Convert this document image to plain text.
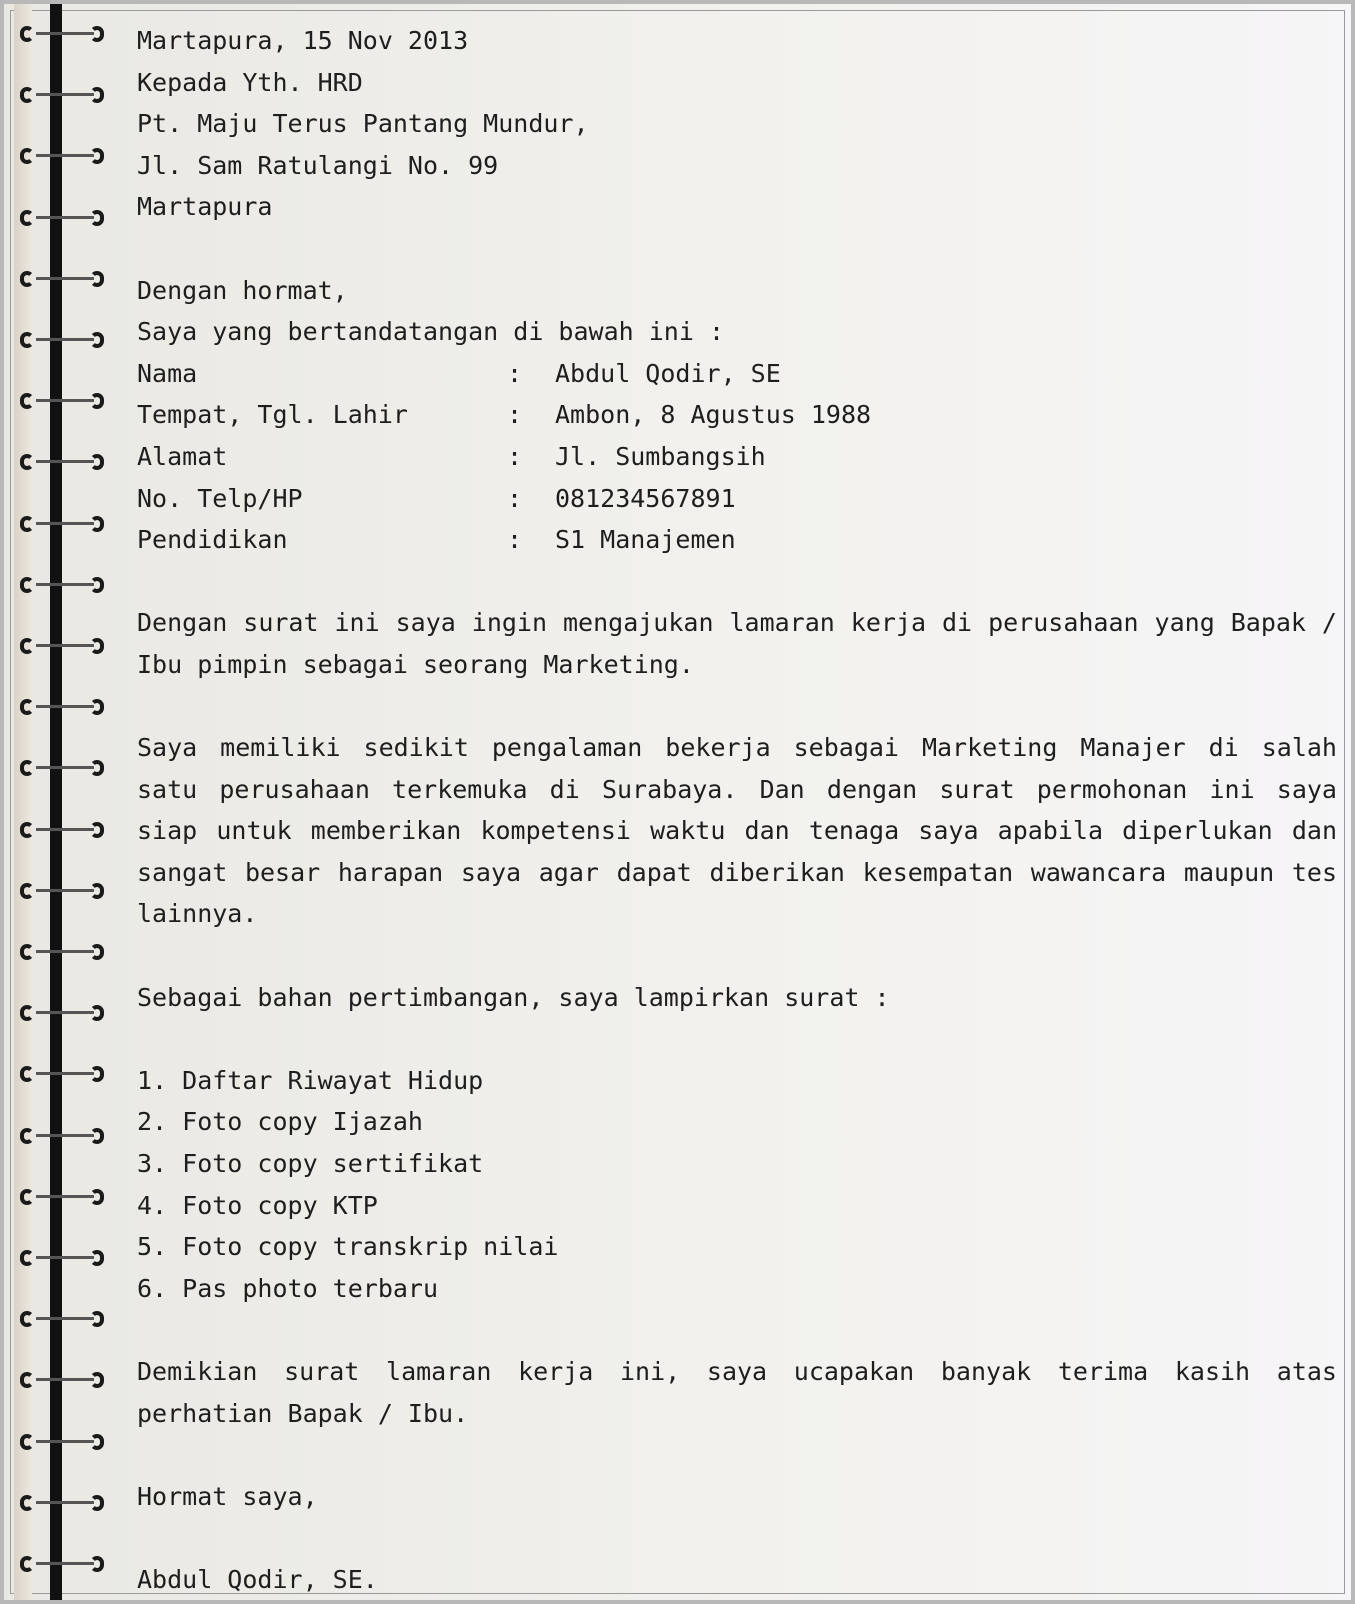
Martapura, 15 Nov 2013
Kepada Yth. HRD
Pt. Maju Terus Pantang Mundur,
Jl. Sam Ratulangi No. 99
Martapura
Dengan hormat,
Saya yang bertandatangan di bawah ini :
Nama	:	Abdul Qodir, SE
Tempat, Tgl. Lahir	:	Ambon, 8 Agustus 1988
Alamat	:	Jl. Sumbangsih
No. Telp/HP	:	081234567891
Pendidikan	:	S1 Manajemen
Dengan surat ini saya ingin mengajukan lamaran kerja di perusahaan yang Bapak / Ibu pimpin sebagai seorang Marketing.
Saya memiliki sedikit pengalaman bekerja sebagai Marketing Manajer di salah satu perusahaan terkemuka di Surabaya. Dan dengan surat permohonan ini saya siap untuk memberikan kompetensi waktu dan tenaga saya apabila diperlukan dan sangat besar harapan saya agar dapat diberikan kesempatan wawancara maupun tes lainnya.
Sebagai bahan pertimbangan, saya lampirkan surat :
1. Daftar Riwayat Hidup
2. Foto copy Ijazah
3. Foto copy sertifikat
4. Foto copy KTP
5. Foto copy transkrip nilai
6. Pas photo terbaru
Demikian surat lamaran kerja ini, saya ucapakan banyak terima kasih atas perhatian Bapak / Ibu.
Hormat saya,
Abdul Qodir, SE.
